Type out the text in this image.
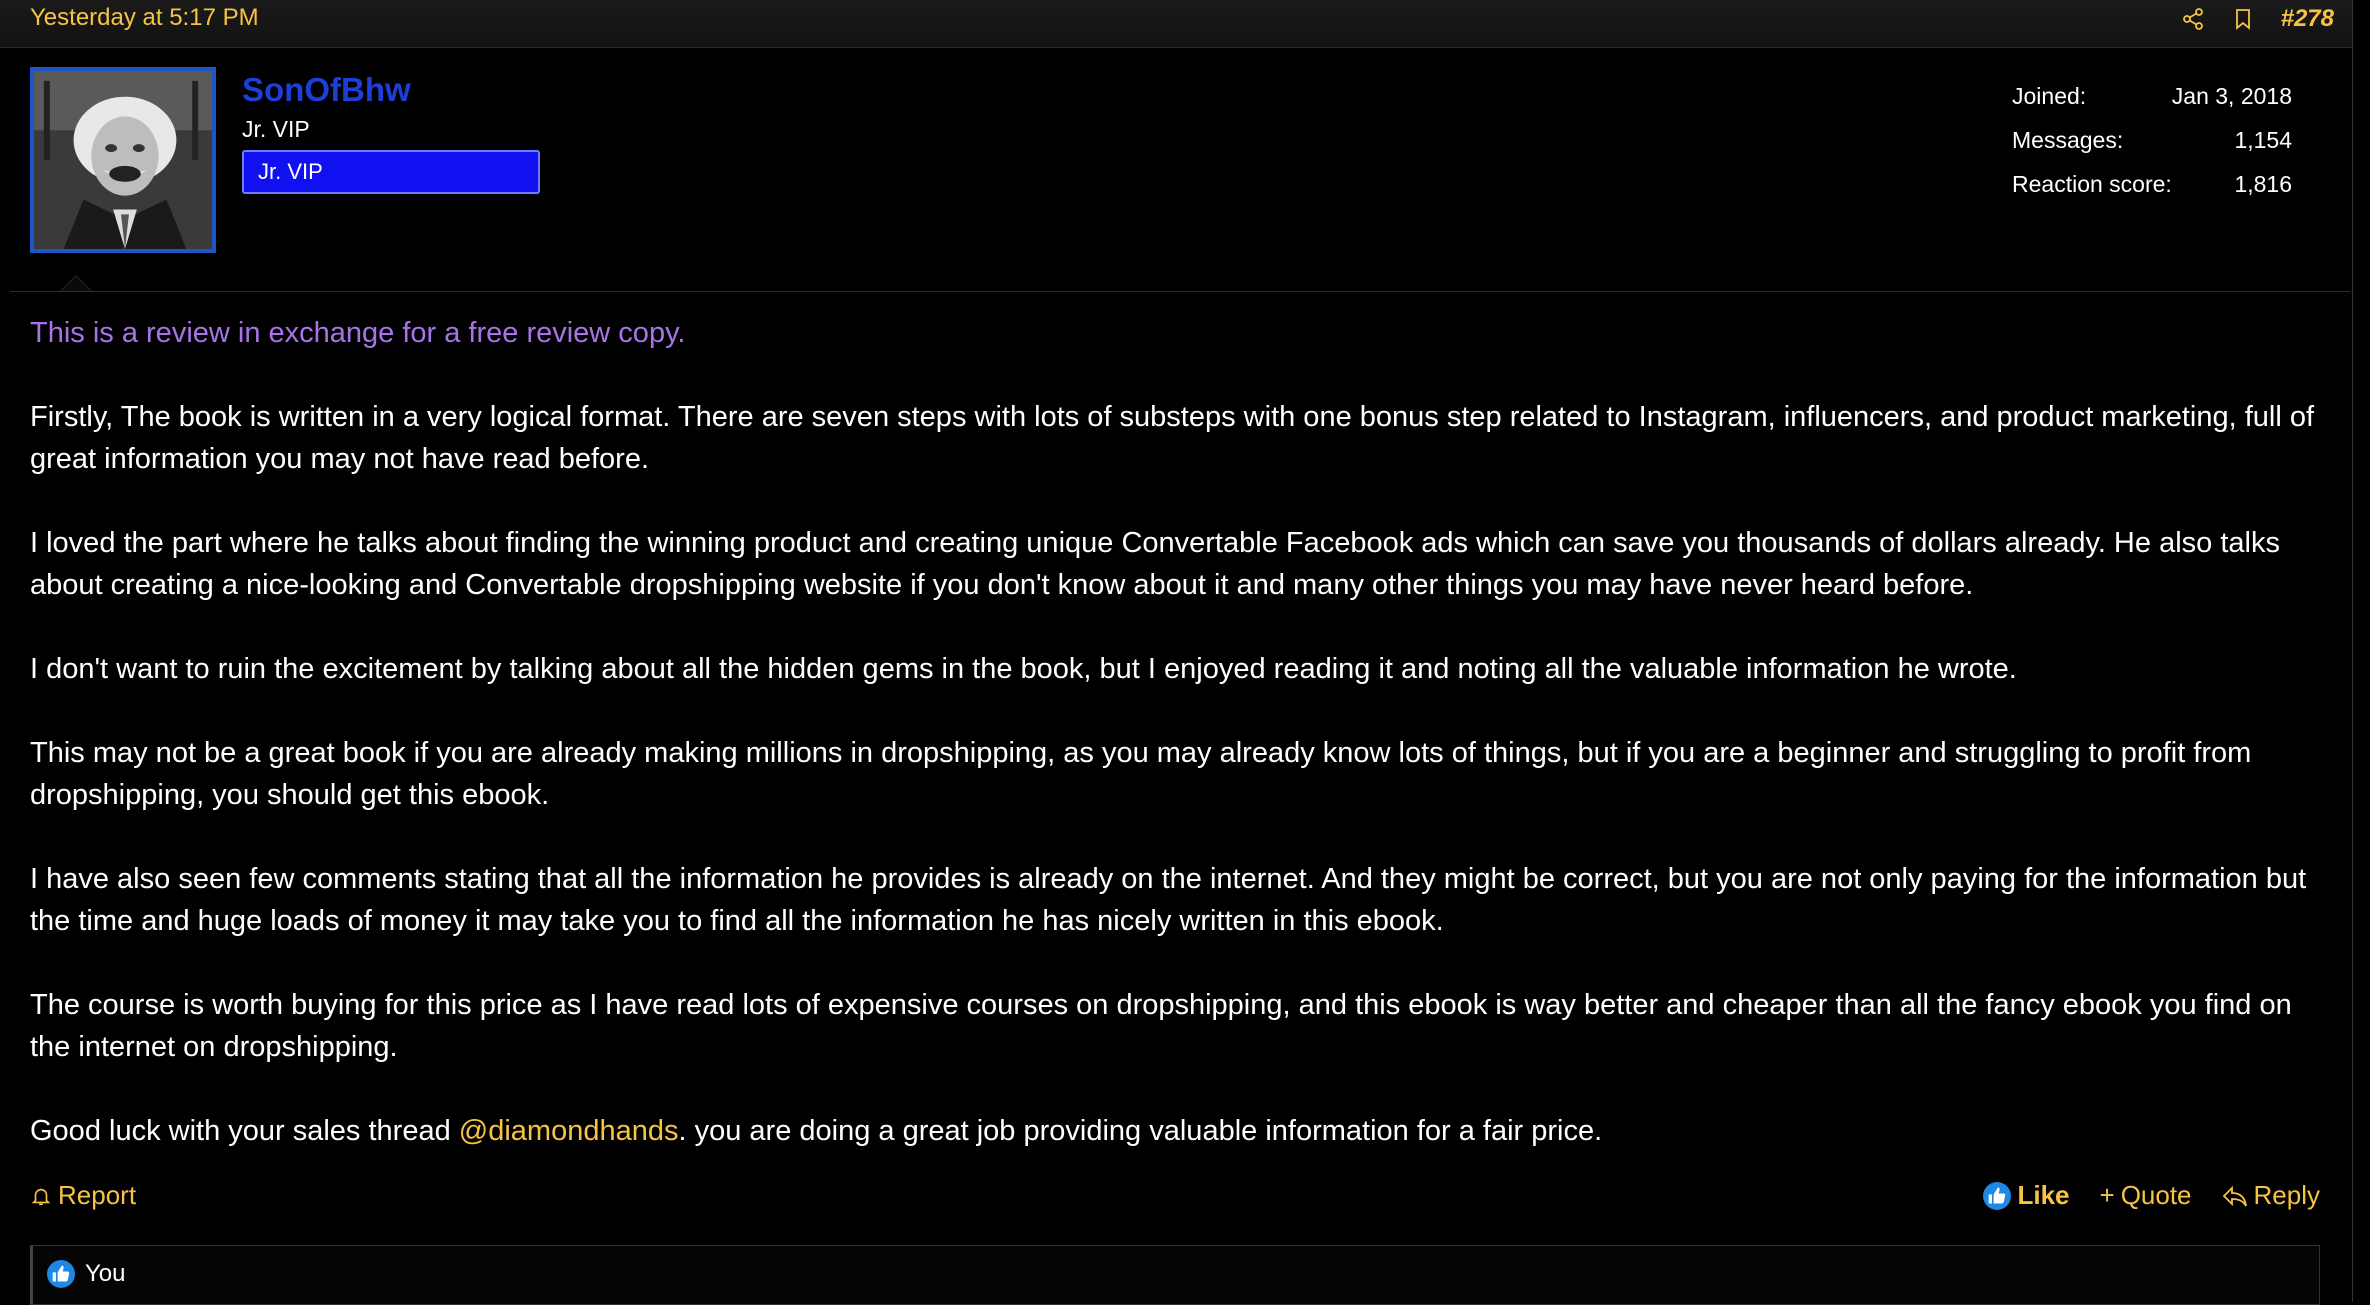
Yesterday at 5:17 PM	#278
SonOfBhw
Jr. VIP
Jr. VIP
Joined:	Jan 3, 2018
Messages:	1,154
Reaction score:	1,816

This is a review in exchange for a free review copy.

Firstly, The book is written in a very logical format. There are seven steps with lots of substeps with one bonus step related to Instagram, influencers, and product marketing, full of great information you may not have read before.

I loved the part where he talks about finding the winning product and creating unique Convertable Facebook ads which can save you thousands of dollars already. He also talks about creating a nice-looking and Convertable dropshipping website if you don't know about it and many other things you may have never heard before.

I don't want to ruin the excitement by talking about all the hidden gems in the book, but I enjoyed reading it and noting all the valuable information he wrote.

This may not be a great book if you are already making millions in dropshipping, as you may already know lots of things, but if you are a beginner and struggling to profit from dropshipping, you should get this ebook.

I have also seen few comments stating that all the information he provides is already on the internet. And they might be correct, but you are not only paying for the information but the time and huge loads of money it may take you to find all the information he has nicely written in this ebook.

The course is worth buying for this price as I have read lots of expensive courses on dropshipping, and this ebook is way better and cheaper than all the fancy ebook you find on the internet on dropshipping.

Good luck with your sales thread @diamondhands. you are doing a great job providing valuable information for a fair price.

Report	Like + Quote Reply
You
